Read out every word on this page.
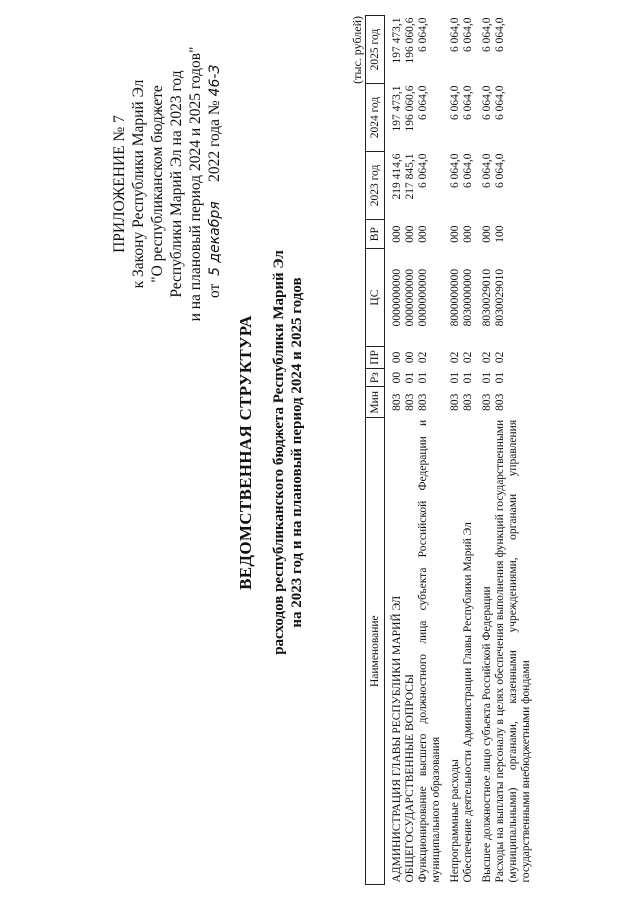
ПРИЛОЖЕНИЕ № 7 к Закону Республики Марий Эл "О республиканском бюджете Республики Марий Эл на 2023 год и на плановый период 2024 и 2025 годов" от  5 декабря     2022 года № 46-З
ВЕДОМСТВЕННАЯ СТРУКТУРА расходов республиканского бюджета Республики Марий Эл на 2023 год и на плановый период 2024 и 2025 годов
(тыс. рублей)
Наименование	Мин	Рз	ПР	ЦС	ВР	2023 год	2024 год	2025 год

АДМИНИСТРАЦИЯ ГЛАВЫ РЕСПУБЛИКИ МАРИЙ ЭЛ	803	00	00	0000000000	000	219 414,6	197 473,1	197 473,1
ОБЩЕГОСУДАРСТВЕННЫЕ ВОПРОСЫ	803	01	00	0000000000	000	217 845,1	196 060,6	196 060,6
Функционирование высшего должностного лица субъекта Российской Федерации и муниципального образования	803	01	02	0000000000	000	6 064,0	6 064,0	6 064,0

Непрограммные расходы	803	01	02	8000000000	000	6 064,0	6 064,0	6 064,0
Обеспечение деятельности Администрации Главы Республики Марий Эл	803	01	02	8030000000	000	6 064,0	6 064,0	6 064,0

Высшее должностное лицо субъекта Российской Федерации	803	01	02	8030029010	000	6 064,0	6 064,0	6 064,0
Расходы на выплаты персоналу в целях обеспечения выполнения функций государственными (муниципальными) органами, казенными учреждениями, органами управления государственными внебюджетными фондами	803	01	02	8030029010	100	6 064,0	6 064,0	6 064,0
